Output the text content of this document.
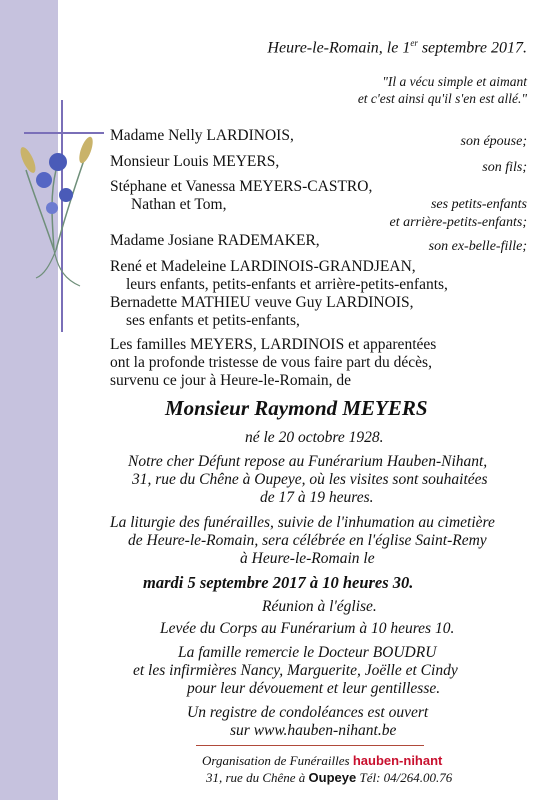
Heure-le-Romain, le 1er septembre 2017.
"Il a vécu simple et aimant
et c'est ainsi qu'il s'en est allé."
Madame Nelly LARDINOIS,	son épouse;
Monsieur Louis MEYERS,	son fils;
Stéphane et Vanessa MEYERS-CASTRO,
Nathan et Tom,	ses petits-enfants
et arrière-petits-enfants;
Madame Josiane RADEMAKER,	son ex-belle-fille;
René et Madeleine LARDINOIS-GRANDJEAN,
leurs enfants, petits-enfants et arrière-petits-enfants,
Bernadette MATHIEU veuve Guy LARDINOIS,
ses enfants et petits-enfants,
Les familles MEYERS, LARDINOIS et apparentées
ont la profonde tristesse de vous faire part du décès,
survenu ce jour à Heure-le-Romain, de
Monsieur Raymond MEYERS
né le 20 octobre 1928.
Notre cher Défunt repose au Funérarium Hauben-Nihant,
31, rue du Chêne à Oupeye, où les visites sont souhaitées
de 17 à 19 heures.
La liturgie des funérailles, suivie de l'inhumation au cimetière
de Heure-le-Romain, sera célébrée en l'église Saint-Remy
à Heure-le-Romain le
mardi 5 septembre 2017 à 10 heures 30.
Réunion à l'église.
Levée du Corps au Funérarium à 10 heures 10.
La famille remercie le Docteur BOUDRU
et les infirmières Nancy, Marguerite, Joëlle et Cindy
pour leur dévouement et leur gentillesse.
Un registre de condoléances est ouvert
sur www.hauben-nihant.be
Organisation de Funérailles hauben-nihant
31, rue du Chêne à Oupeye Tél: 04/264.00.76
